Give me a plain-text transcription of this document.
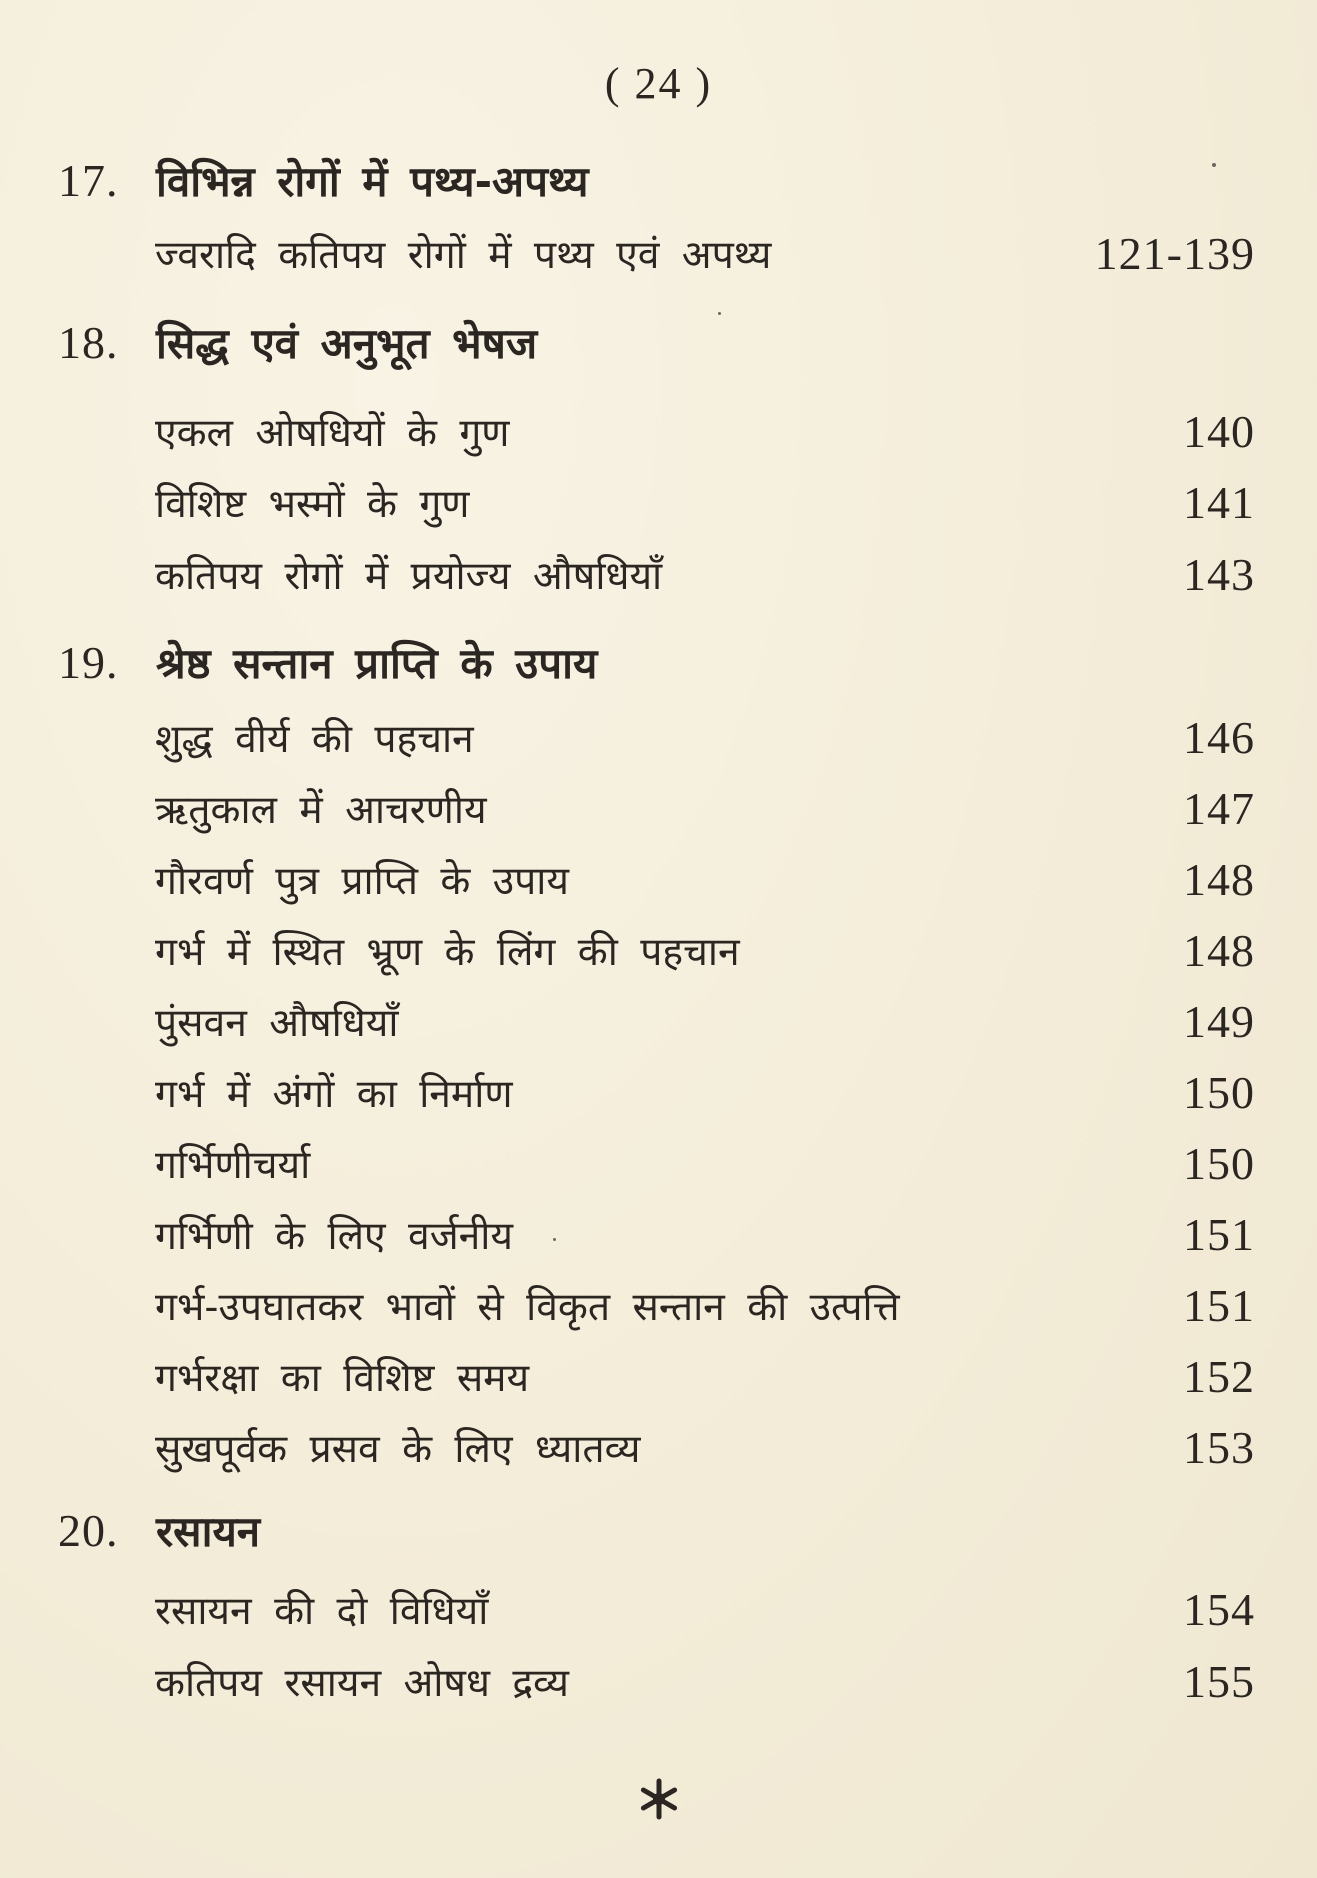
( 24 )
17. विभिन्न रोगों में पथ्य-अपथ्य
ज्वरादि कतिपय रोगों में पथ्य एवं अपथ्य	121-139
18. सिद्ध एवं अनुभूत भेषज
एकल ओषधियों के गुण	140
विशिष्ट भस्मों के गुण	141
कतिपय रोगों में प्रयोज्य औषधियाँ	143
19. श्रेष्ठ सन्तान प्राप्ति के उपाय
शुद्ध वीर्य की पहचान	146
ऋतुकाल में आचरणीय	147
गौरवर्ण पुत्र प्राप्ति के उपाय	148
गर्भ में स्थित भ्रूण के लिंग की पहचान	148
पुंसवन औषधियाँ	149
गर्भ में अंगों का निर्माण	150
गर्भिणीचर्या	150
गर्भिणी के लिए वर्जनीय	151
गर्भ-उपघातकर भावों से विकृत सन्तान की उत्पत्ति	151
गर्भरक्षा का विशिष्ट समय	152
सुखपूर्वक प्रसव के लिए ध्यातव्य	153
20. रसायन
रसायन की दो विधियाँ	154
कतिपय रसायन ओषध द्रव्य	155
